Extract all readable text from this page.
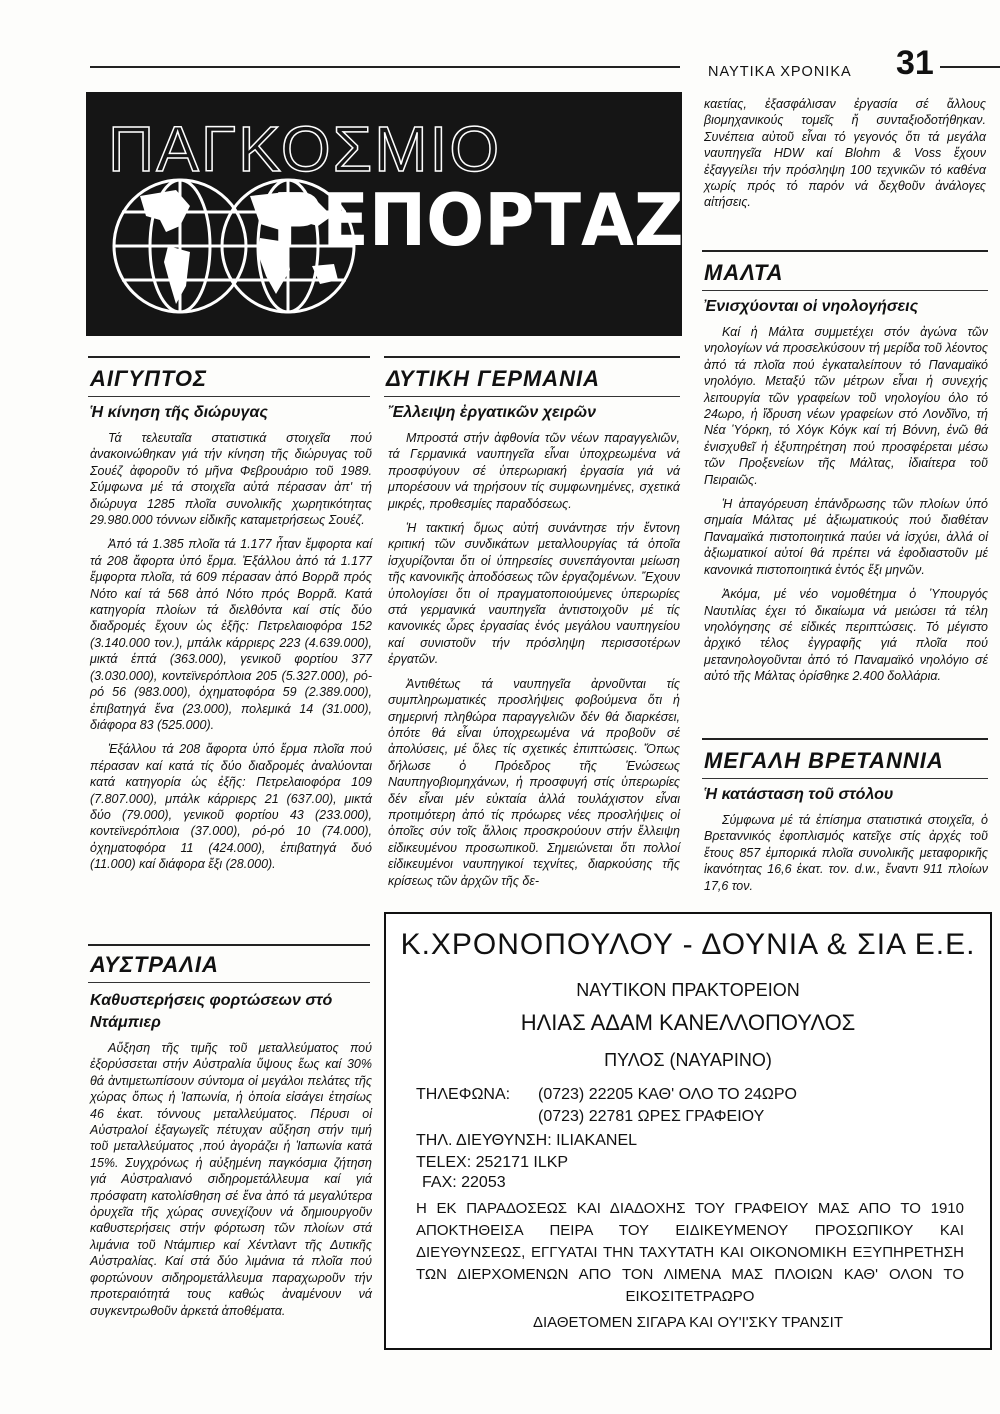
ΝΑΥΤΙΚΑ ΧΡΟΝΙΚΑ 31
ΠΑΓΚΟΣΜΙΟ
ΡΕΠΟΡΤΑΖ
ΑΙΓΥΠΤΟΣ
Ἡ κίνηση τῆς διώρυγας

Τά τελευταῖα στατιστικά στοιχεῖα πού ἀνακοινώθηκαν γιά τήν κίνηση τῆς διώρυγας τοῦ Σουέζ ἀφοροῦν τό μῆνα Φεβρουάριο τοῦ 1989. Σύμφωνα μέ τά στοιχεῖα αὐτά πέρασαν ἀπ' τή διώρυγα 1285 πλοῖα συνολικῆς χωρητικότητας 29.980.000 τόννων εἰδικῆς καταμετρήσεως Σουέζ.

Ἀπό τά 1.385 πλοῖα τά 1.177 ἦταν ἔμφορτα καί τά 208 ἄφορτα ὑπό ἕρμα. Ἐξάλλου ἀπό τά 1.177 ἔμφορτα πλοῖα, τά 609 πέρασαν ἀπό Βορρᾶ πρός Νότο καί τά 568 ἀπό Νότο πρός Βορρᾶ. Κατά κατηγορία πλοίων τά διελθόντα καί στίς δύο διαδρομές ἔχουν ὡς ἐξῆς: Πετρελαιοφόρα 152 (3.140.000 τον.), μπάλκ κάρριερς 223 (4.639.000), μικτά ἑπτά (363.000), γενικοῦ φορτίου 377 (3.030.000), κοντεϊνερόπλοια 205 (5.327.000), ρό-ρό 56 (983.000), ὀχηματοφόρα 59 (2.389.000), ἐπιβατηγά ἕνα (23.000), πολεμικά 14 (31.000), διάφορα 83 (525.000).

Ἐξάλλου τά 208 ἄφορτα ὑπό ἕρμα πλοῖα πού πέρασαν καί κατά τίς δύο διαδρομές ἀναλύονται κατά κατηγορία ὡς ἐξῆς: Πετρελαιοφόρα 109 (7.807.000), μπάλκ κάρριερς 21 (637.00), μικτά δύο (79.000), γενικοῦ φορτίου 43 (233.000), κοντεϊνερόπλοια (37.000), ρό-ρό 10 (74.000), ὀχηματοφόρα 11 (424.000), ἐπιβατηγά δυό (11.000) καί διάφορα ἔξι (28.000).

ΑΥΣΤΡΑΛΙΑ
Καθυστερήσεις φορτώσεων στό Ντάμπιερ

Αὔξηση τῆς τιμῆς τοῦ μεταλλεύματος πού ἐξορύσσεται στήν Αὐστραλία ὕψους ἕως καί 30% θά ἀντιμετωπίσουν σύντομα οἱ μεγάλοι πελάτες τῆς χώρας ὅπως ἡ Ἰαπωνία, ἡ ὁποία εἰσάγει ἐτησίως 46 ἑκατ. τόννους μεταλλεύματος. Πέρυσι οἱ Αὐστραλοί ἐξαγωγεῖς πέτυχαν αὔξηση στήν τιμή τοῦ μεταλλεύματος ,πού ἀγοράζει ἡ Ἰαπωνία κατά 15%. Συγχρόνως ἡ αὐξημένη παγκόσμια ζήτηση γιά Αὐστραλιανό σιδηρομετάλλευμα καί γιά πρόσφατη κατολίσθηση σέ ἕνα ἀπό τά μεγαλύτερα ὀρυχεῖα τῆς χώρας συνεχίζουν νά δημιουργοῦν καθυστερήσεις στήν φόρτωση τῶν πλοίων στά λιμάνια τοῦ Ντάμπιερ καί Χέντλαντ τῆς Δυτικῆς Αὐστραλίας. Καί στά δύο λιμάνια τά πλοῖα πού φορτώνουν σιδηρομετάλλευμα παραχωροῦν τήν προτεραιότητά τους καθώς ἀναμένουν νά συγκεντρωθοῦν ἀρκετά ἀποθέματα.

ΔΥΤΙΚΗ ΓΕΡΜΑΝΙΑ
Ἔλλειψη ἐργατικῶν χειρῶν

Μπροστά στήν ἀφθονία τῶν νέων παραγγελιῶν, τά Γερμανικά ναυπηγεῖα εἶναι ὑποχρεωμένα νά προσφύγουν σέ ὑπερωριακή ἐργασία γιά νά μπορέσουν νά τηρήσουν τίς συμφωνημένες, σχετικά μικρές, προθεσμίες παραδόσεως.

Ἡ τακτική ὅμως αὐτή συνάντησε τήν ἔντονη κριτική τῶν συνδικάτων μεταλλουργίας τά ὁποῖα ἰσχυρίζονται ὅτι οἱ ὑπηρεσίες συνεπάγονται μείωση τῆς κανονικῆς ἀποδόσεως τῶν ἐργαζομένων. Ἔχουν ὑπολογίσει ὅτι οἱ πραγματοποιούμενες ὑπερωρίες στά γερμανικά ναυπηγεῖα ἀντιστοιχοῦν μέ τίς κανονικές ὧρες ἐργασίας ἑνός μεγάλου ναυπηγείου καί συνιστοῦν τήν πρόσληψη περισσοτέρων ἐργατῶν.

Ἀντιθέτως τά ναυπηγεῖα ἀρνοῦνται τίς συμπληρωματικές προσλήψεις φοβούμενα ὅτι ἡ σημερινή πληθώρα παραγγελιῶν δέν θά διαρκέσει, ὁπότε θά εἶναι ὑποχρεωμένα νά προβοῦν σέ ἀπολύσεις, μέ ὅλες τίς σχετικές ἐπιπτώσεις. Ὅπως δήλωσε ὁ Πρόεδρος τῆς Ἑνώσεως Ναυπηγοβιομηχάνων, ἡ προσφυγή στίς ὑπερωρίες δέν εἶναι μέν εὐκταία ἀλλά τουλάχιστον εἶναι προτιμότερη ἀπό τίς πρόωρες νέες προσλήψεις οἱ ὁποῖες σύν τοῖς ἄλλοις προσκρούουν στήν ἔλλειψη εἰδικευμένου προσωπικοῦ. Σημειώνεται ὅτι πολλοί εἰδικευμένοι ναυπηγικοί τεχνίτες, διαρκούσης τῆς κρίσεως τῶν ἀρχῶν τῆς δε-

καετίας, ἐξασφάλισαν ἐργασία σέ ἄλλους βιομηχανικούς τομεῖς ἤ συνταξιοδοτήθηκαν. Συνέπεια αὐτοῦ εἶναι τό γεγονός ὅτι τά μεγάλα ναυπηγεῖα HDW καί Blohm & Voss ἔχουν ἐξαγγείλει τήν πρόσληψη 100 τεχνικῶν τό καθένα χωρίς πρός τό παρόν νά δεχθοῦν ἀνάλογες αἰτήσεις.

ΜΑΛΤΑ
Ἐνισχύονται οἱ νηολογήσεις

Καί ἡ Μάλτα συμμετέχει στόν ἀγώνα τῶν νηολογίων νά προσελκύσουν τή μερίδα τοῦ λέοντος ἀπό τά πλοῖα πού ἐγκαταλείπουν τό Παναμαϊκό νηολόγιο. Μεταξύ τῶν μέτρων εἶναι ἡ συνεχής λειτουργία τῶν γραφείων τοῦ νηολογίου όλο τό 24ωρο, ἡ ἵδρυση νέων γραφείων στό Λονδῖνο, τή Νέα Ὑόρκη, τό Χόγκ Κόγκ καί τή Βόννη, ἐνῶ θά ἐνισχυθεῖ ἡ ἐξυπηρέτηση πού προσφέρεται μέσω τῶν Προξενείων τῆς Μάλτας, ἰδιαίτερα τοῦ Πειραιῶς.

Ἡ ἀπαγόρευση ἐπάνδρωσης τῶν πλοίων ὑπό σημαία Μάλτας μέ ἀξιωματικούς πού διαθέταν Παναμαϊκά πιστοποιητικά παύει νά ἰσχύει, ἀλλά οἱ ἀξιωματικοί αὐτοί θά πρέπει νά ἐφοδιαστοῦν μέ κανονικά πιστοποιητικά ἐντός ἕξι μηνῶν.

Ἀκόμα, μέ νέο νομοθέτημα ὁ Ὑπουργός Ναυτιλίας έχει τό δικαίωμα νά μειώσει τά τέλη νηολόγησης σέ εἰδικές περιπτώσεις. Τό μέγιστο ἀρχικό τέλος ἐγγραφῆς γιά πλοῖα πού μετανηολογοῦνται ἀπό τό Παναμαϊκό νηολόγιο σέ αὐτό τῆς Μάλτας ὁρίσθηκε 2.400 δολλάρια.

ΜΕΓΑΛΗ ΒΡΕΤΑΝΝΙΑ
Ἡ κατάσταση τοῦ στόλου

Σύμφωνα μέ τά ἐπίσημα στατιστικά στοιχεῖα, ὁ Βρεταννικός ἐφοπλισμός κατεῖχε στίς ἀρχές τοῦ ἔτους 857 ἐμπορικά πλοῖα συνολικῆς μεταφορικῆς ἱκανότητας 16,6 ἑκατ. τον. d.w., ἔναντι 911 πλοίων 17,6 τον.

Κ.ΧΡΟΝΟΠΟΥΛΟΥ - ΔΟΥΝΙΑ & ΣΙΑ Ε.Ε.
ΝΑΥΤΙΚΟΝ ΠΡΑΚΤΟΡΕΙΟΝ
ΗΛΙΑΣ ΑΔΑΜ ΚΑΝΕΛΛΟΠΟΥΛΟΣ
ΠΥΛΟΣ (ΝΑΥΑΡΙΝΟ)
ΤΗΛΕΦΩΝΑ: (0723) 22205 ΚΑΘ' ΟΛΟ ΤΟ 24ΩΡΟ
(0723) 22781 ΩΡΕΣ ΓΡΑΦΕΙΟΥ
ΤΗΛ. ΔΙΕΥΘΥΝΣΗ: ILIAKANEL
TELEX: 252171 ILKP
FAX: 22053
Η ΕΚ ΠΑΡΑΔΟΣΕΩΣ ΚΑΙ ΔΙΑΔΟΧΗΣ ΤΟΥ ΓΡΑΦΕΙΟΥ ΜΑΣ ΑΠΟ ΤΟ 1910 ΑΠΟΚΤΗΘΕΙΣΑ ΠΕΙΡΑ ΤΟΥ ΕΙΔΙΚΕΥΜΕΝΟΥ ΠΡΟΣΩΠΙΚΟΥ ΚΑΙ ΔΙΕΥΘΥΝΣΕΩΣ, ΕΓΓΥΑΤΑΙ ΤΗΝ ΤΑΧΥΤΑΤΗ ΚΑΙ ΟΙΚΟΝΟΜΙΚΗ ΕΞΥΠΗΡΕΤΗΣΗ ΤΩΝ ΔΙΕΡΧΟΜΕΝΩΝ ΑΠΟ ΤΟΝ ΛΙΜΕΝΑ ΜΑΣ ΠΛΟΙΩΝ ΚΑΘ' ΟΛΟΝ ΤΟ ΕΙΚΟΣΙΤΕΤΡΑΩΡΟ
ΔΙΑΘΕΤΟΜΕΝ ΣΙΓΑΡΑ ΚΑΙ ΟΥ'Ι'ΣΚΥ ΤΡΑΝΣΙΤ
